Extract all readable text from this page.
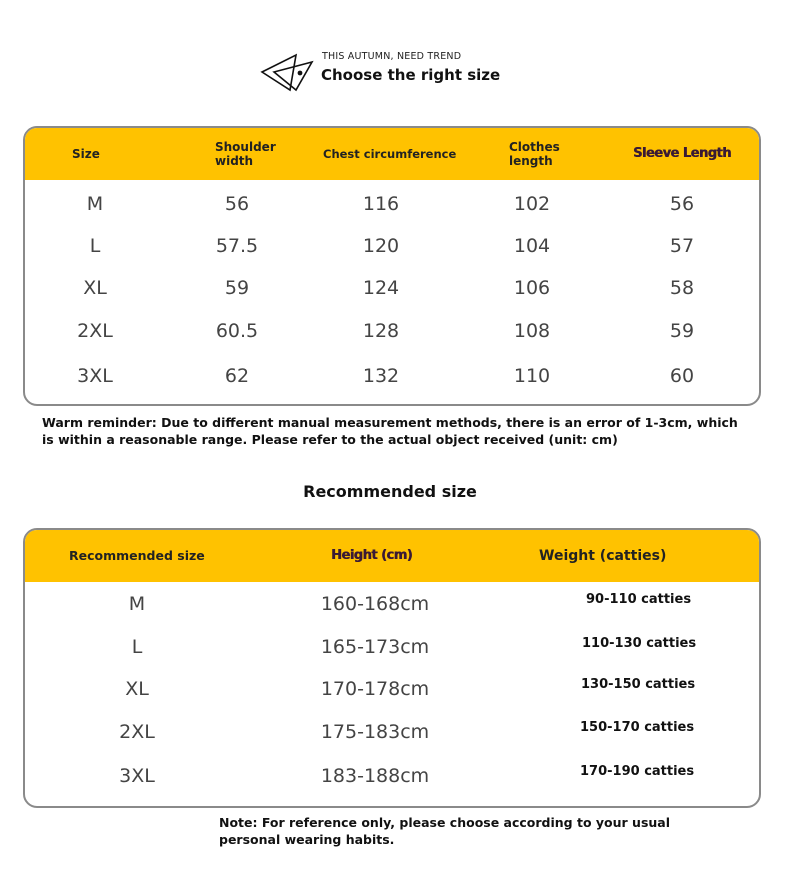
THIS AUTUMN, NEED TREND
Choose the right size
Size	Shoulder width	Chest circumference	Clothes length	Sleeve Length
M	56	116	102	56
L	57.5	120	104	57
XL	59	124	106	58
2XL	60.5	128	108	59
3XL	62	132	110	60
Warm reminder: Due to different manual measurement methods, there is an error of 1-3cm, which is within a reasonable range. Please refer to the actual object received (unit: cm)
Recommended size
Recommended size	Height (cm)	Weight (catties)
M	160-168cm	90-110 catties
L	165-173cm	110-130 catties
XL	170-178cm	130-150 catties
2XL	175-183cm	150-170 catties
3XL	183-188cm	170-190 catties
Note: For reference only, please choose according to your usual personal wearing habits.
